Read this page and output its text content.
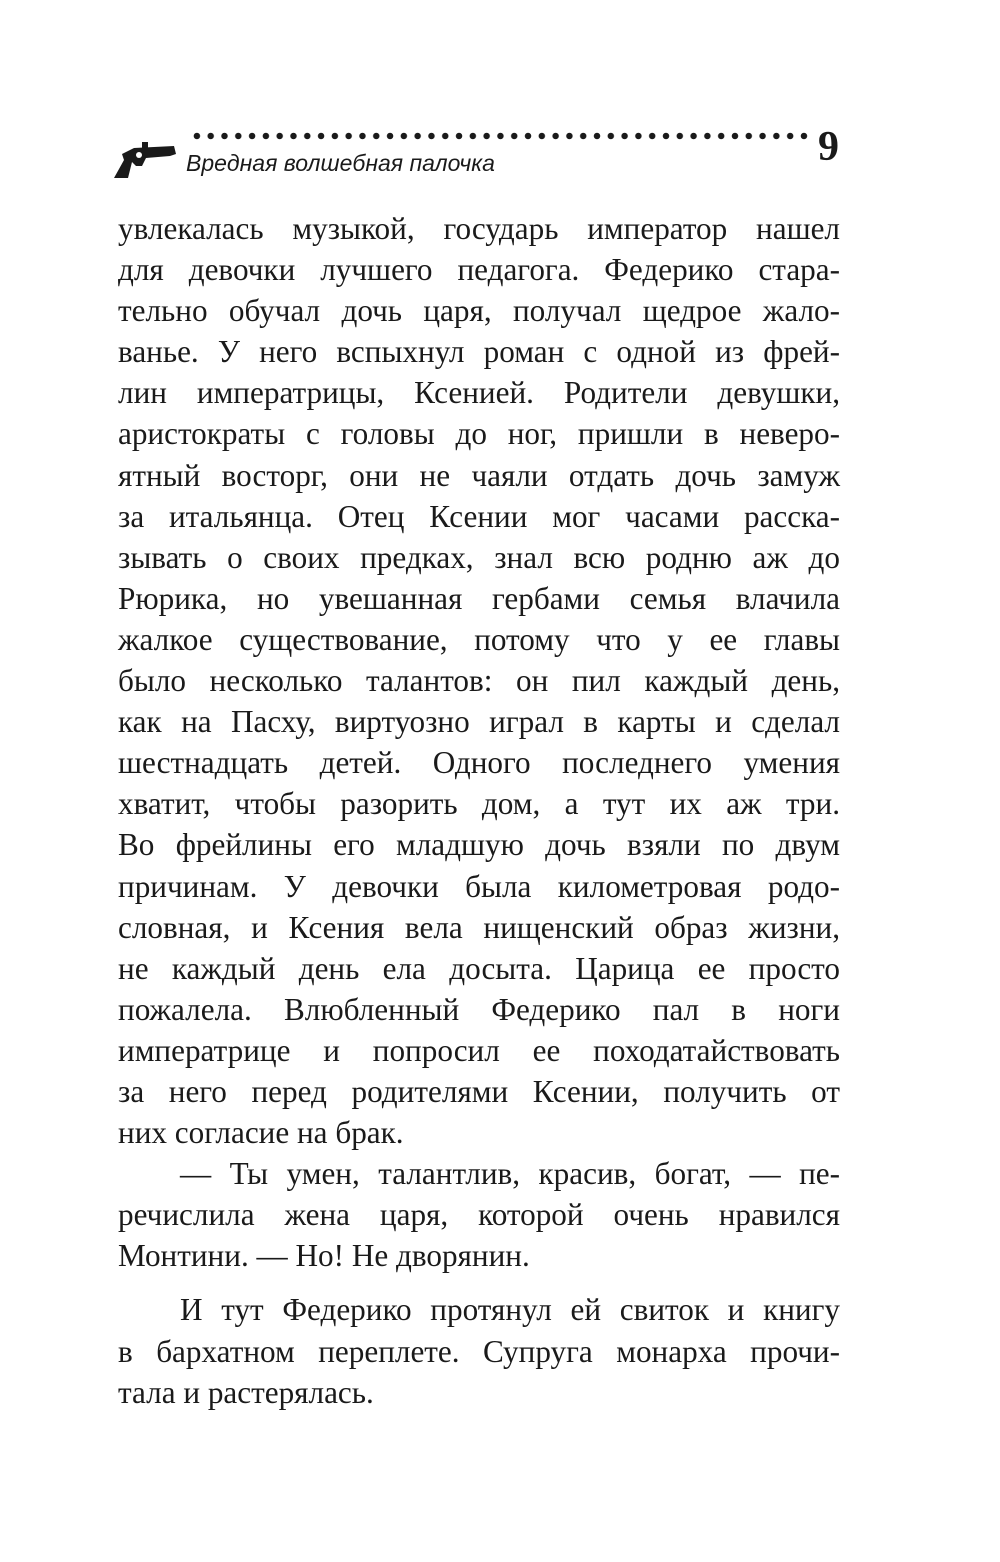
Врeдная волшебная палочка	9
увлекалась музыкой, государь император нашел
для девочки лучшего педагога. Федерико стара-
тельно обучал дочь царя, получал щедрое жало-
ванье. У него вспыхнул роман с одной из фрей-
лин императрицы, Ксенией. Родители девушки,
аристократы с головы до ног, пришли в неверо-
ятный восторг, они не чаяли отдать дочь замуж
за итальянца. Отец Ксении мог часами расска-
зывать о своих предках, знал всю родню аж до
Рюрика, но увешанная гербами семья влачила
жалкое существование, потому что у ее главы
было несколько талантов: он пил каждый день,
как на Пасху, виртуозно играл в карты и сделал
шестнадцать детей. Одного последнего умения
хватит, чтобы разорить дом, а тут их аж три.
Во фрейлины его младшую дочь взяли по двум
причинам. У девочки была километровая родо-
словная, и Ксения вела нищенский образ жизни,
не каждый день ела досыта. Царица ее просто
пожалела. Влюбленный Федерико пал в ноги
императрице и попросил ее походатайствовать
за него перед родителями Ксении, получить от
них согласие на брак.
— Ты умен, талантлив, красив, богат, — пе-
речислила жена царя, которой очень нравился
Монтини. — Но! Не дворянин.
И тут Федерико протянул ей свиток и книгу
в бархатном переплете. Супруга монарха прочи-
тала и растерялась.
